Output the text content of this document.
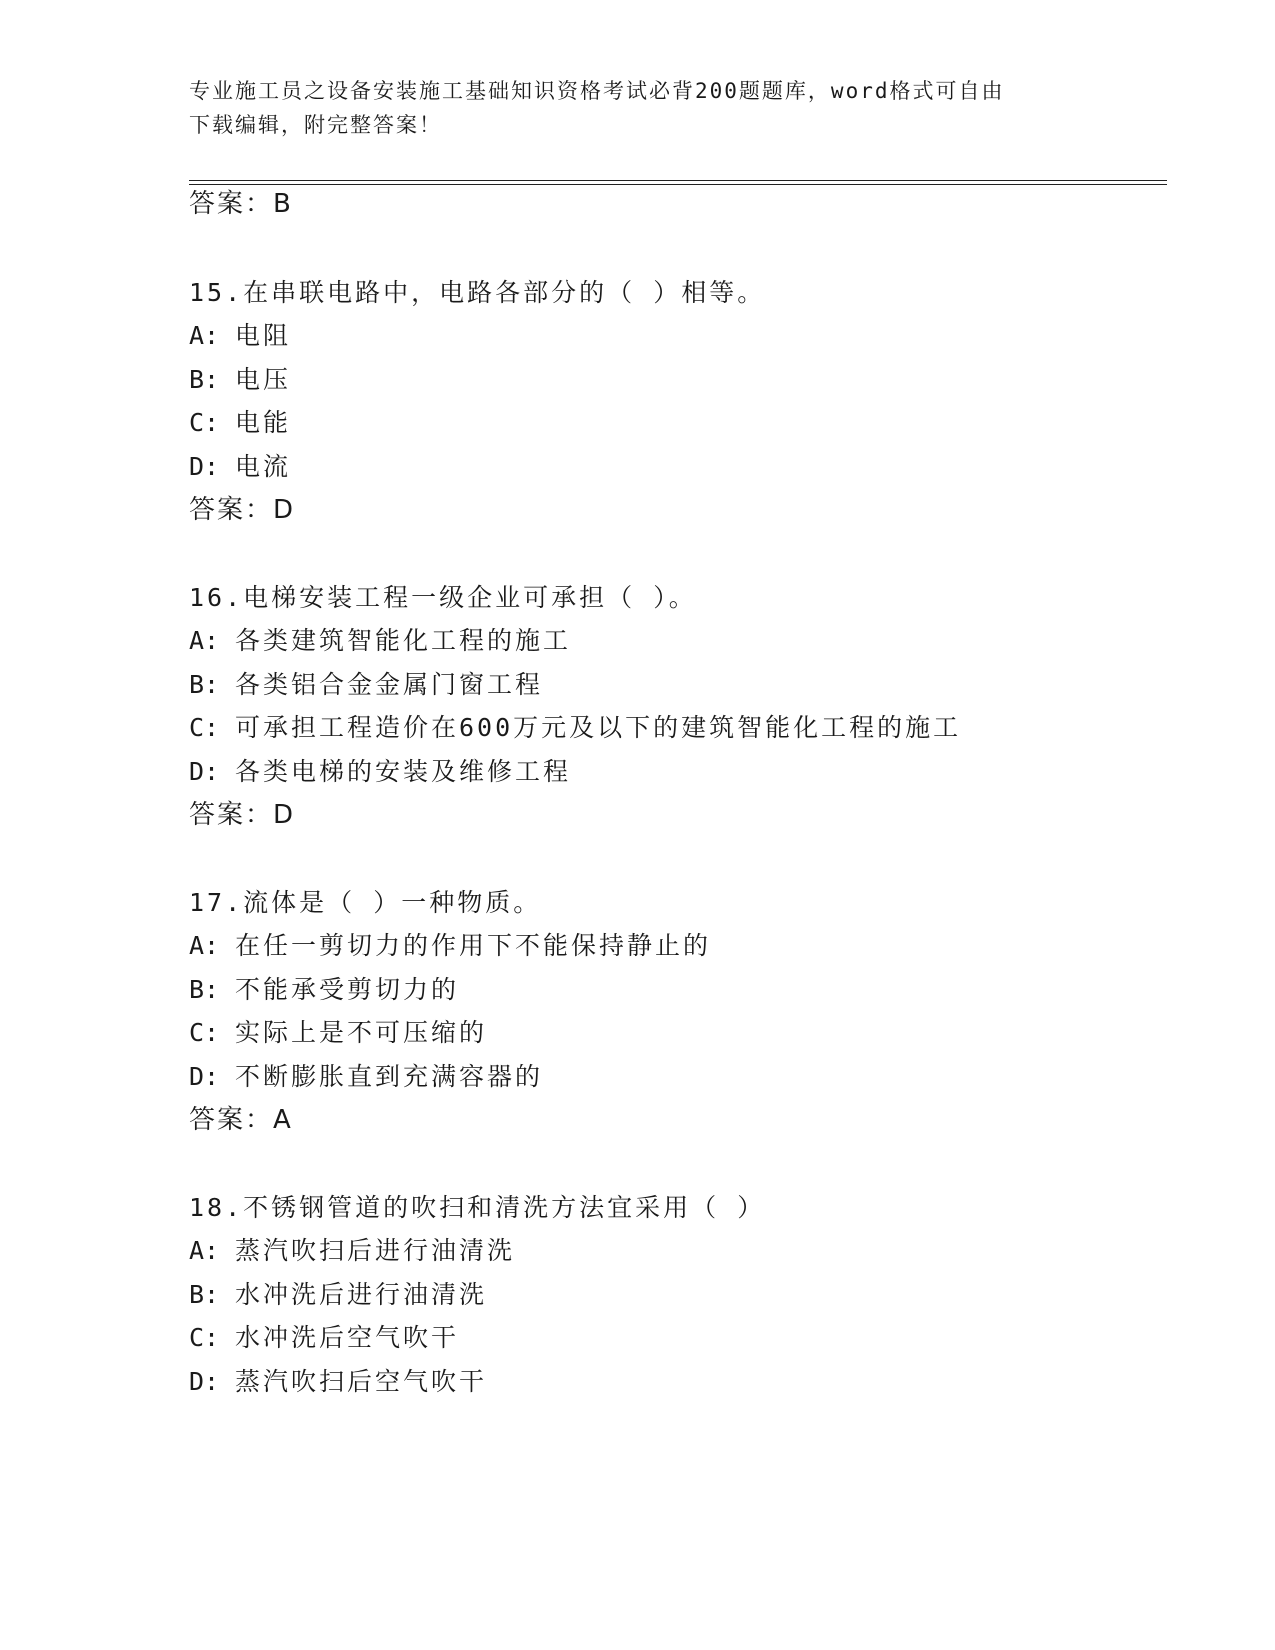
专业施工员之设备安装施工基础知识资格考试必背200题题库，word格式可自由
下载编辑，附完整答案！
答案：B
15.在串联电路中，电路各部分的（ ）相等。
A: 电阻
B: 电压
C: 电能
D: 电流
答案：D
16.电梯安装工程一级企业可承担（ ）。
A: 各类建筑智能化工程的施工
B: 各类铝合金金属门窗工程
C: 可承担工程造价在600万元及以下的建筑智能化工程的施工
D: 各类电梯的安装及维修工程
答案：D
17.流体是（ ）一种物质。
A: 在任一剪切力的作用下不能保持静止的
B: 不能承受剪切力的
C: 实际上是不可压缩的
D: 不断膨胀直到充满容器的
答案：A
18.不锈钢管道的吹扫和清洗方法宜采用（ ）
A: 蒸汽吹扫后进行油清洗
B: 水冲洗后进行油清洗
C: 水冲洗后空气吹干
D: 蒸汽吹扫后空气吹干
